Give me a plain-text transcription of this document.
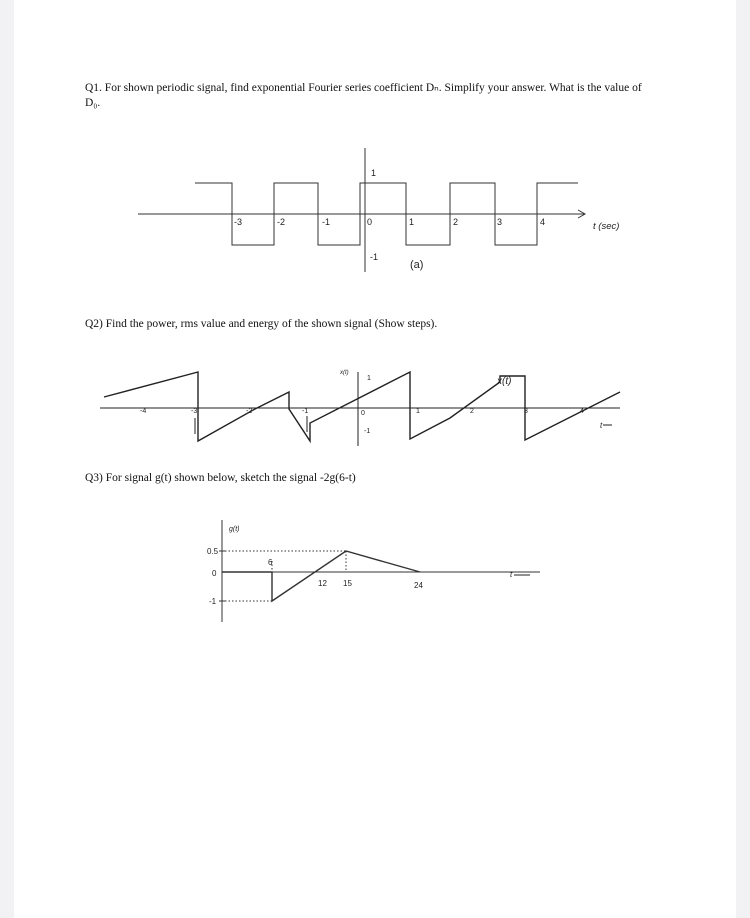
Q1. For shown periodic signal, find exponential Fourier series coefficient Dₙ. Simplify your answer. What is the value of D₀.
Q2) Find the power, rms value and energy of the shown signal (Show steps).
Q3) For signal g(t) shown below, sketch the signal -2g(6-t)
-3	-2	-1	0	1	2	3	4
1
-1
(a)
t (sec)
-4	-3	-2	-1	0	1	2	3	4
1
-1
x(t)
x(t)
t
0.5
0
-1
6
12 15	24
g(t)
t
